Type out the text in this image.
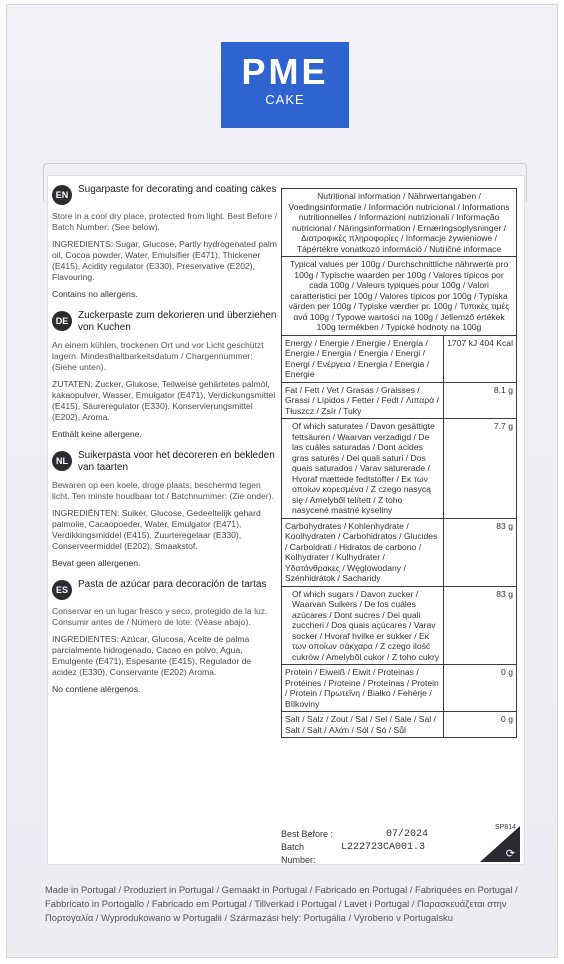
PME
CAKE
EN Sugarpaste for decorating and coating cakes

Store in a cool dry place, protected from light. Best Before / Batch Number: (See below).

INGREDIENTS: Sugar, Glucose, Partly hydrogenated palm oil, Cocoa powder, Water, Emulsifier (E471), Thickener (E415), Acidity regulator (E330), Preservative (E202), Flavouring.

Contains no allergens.

DE Zuckerpaste zum dekorieren und überziehen von Kuchen

An einem kühlen, trockenen Ort und vor Licht geschützt lagern. Mindesthaltbarkeitsdatum / Chargennummer: (Siehe unten).

ZUTATEN: Zucker, Glukose, Teilweise gehärtetes palmöl, kakaopulver, Wasser, Emulgator (E471), Verdickungsmittel (E415), Säureregulator (E330), Konservierungsmittel (E202), Aroma.

Enthält keine allergene.

NL	Suikerpasta voor het decoreren en bekleden van taarten

Bewaren op een koele, droge plaats, beschermd tegen licht. Ten minste houdbaar tot / Batchnummer: (Zie onder).

INGREDIËNTEN: Suiker, Glucose, Gedeeltelijk gehard palmolie, Cacaopoeder, Water, Emulgator (E471), Verdikkingsmiddel (E415), Zuurteregelaar (E330), Conserveermiddel (E202), Smaakstof.

Bevat geen allergenen.

ES	Pasta de azúcar para decoración de tartas

Conservar en un lugar fresco y seco, protegido de la luz. Consumir antes de / Número de lote: (Véase abajo).

INGREDIENTES: Azúcar, Glucosa, Aceite de palma parcialmente hidrogenado, Cacao en polvo, Agua, Emulgente (E471), Espesante (E415), Regulador de acidez (E330), Conservante (E202) Aroma.

No contiene alérgenos.

Nutritional information / Nährwertangaben / Voedingsinformatie / Información nutricional / Informations nutritionnelles / Informazioni nutrizionali / Informação nutricional / Näringsinformation / Ernæringsoplysninger / Διατροφικές πληροφορίες / Informacje żywieniowe / Tápértékre vonatkozó információ / Nutričné informace	
Typical values per 100g / Durchschnittliche nährwerte pro 100g / Typische waarden per 100g / Valores típicos por cada 100g / Valeurs typiques pour 100g / Valori caratteristici per 100g / Valores típicos por 100g / Typiska värden per 100g / Typiske værdier pr. 100g / Τυπικές τιμές ανά 100g / Typowe wartości na 100g / Jellemző értékek 100g termékben / Typické hodnoty na 100g	
Energy / Energie / Energie / Energía / Énergie / Energia / Energia / Energi / Energi / Ενέργεια / Energia / Energia / Energie	1707 kJ 404 Kcal
Fat / Fett / Vet / Grasas / Graisses / Grassi / Lípidos / Fetter / Fedt / Λιπαρά / Tłuszcz / Zsír / Tuky	8.1 g
Of which saturates / Davon gesättigte fettsäuren / Waarvan verzadigd / De las cuáles saturadas / Dont acides gras saturés / Dei quali saturi / Dos quais saturados / Varav saturerade / Hvoraf mættede fedtstoffer / Εκ των οποίων κορεσμένα / Z czego nasycą się / Amelyből telített / Z toho nasycené mastné kyseliny	7.7 g
Carbohydrates / Kohlenhydrate / Koolhydraten / Carbohidratos / Glucides / Carboidrati / Hidratos de carbono / Kolhydrater / Kulhydrater / Υδατάνθρακες / Węglowodany / Szénhidrátok / Sacharidy	83 g
Of which sugars / Davon zucker / Waarvan Suikers / De los cuáles azúcares / Dont sucres / Dei quali zuccheri / Dos quais açúcares / Varav socker / Hvoraf hvilke er sukker / Εκ των οποίων σάκχαρα / Z czego ilość cukrów / Amelyből cukor / Z toho cukry	83 g
Protein / Eiweiß / Eiwit / Proteinas / Protéines / Proteine / Proteínas / Protein / Protein / Πρωτεΐνη / Białko / Fehérje / Bílkoviny	0 g
Salt / Salz / Zout / Sal / Sel / Sale / Sal / Salt / Salt / Αλάτι / Sól / Só / Sůl	0 g
Best Before :	07/2024
Batch Number:
L222723CA001.3
SP814
⟳
Made in Portugal / Produziert in Portugal / Gemaakt in Portugal / Fabricado en Portugal / Fabriquées en Portugal / Fabbricato in Portogallo / Fabricado em Portugal / Tillverkad i Portugal / Lavet i Portugal / Παρασκευάζεται στην Πορτογαλία / Wyprodukowano w Portugalii / Származási hely: Portugália / Vyrobeno v Portugalsku
